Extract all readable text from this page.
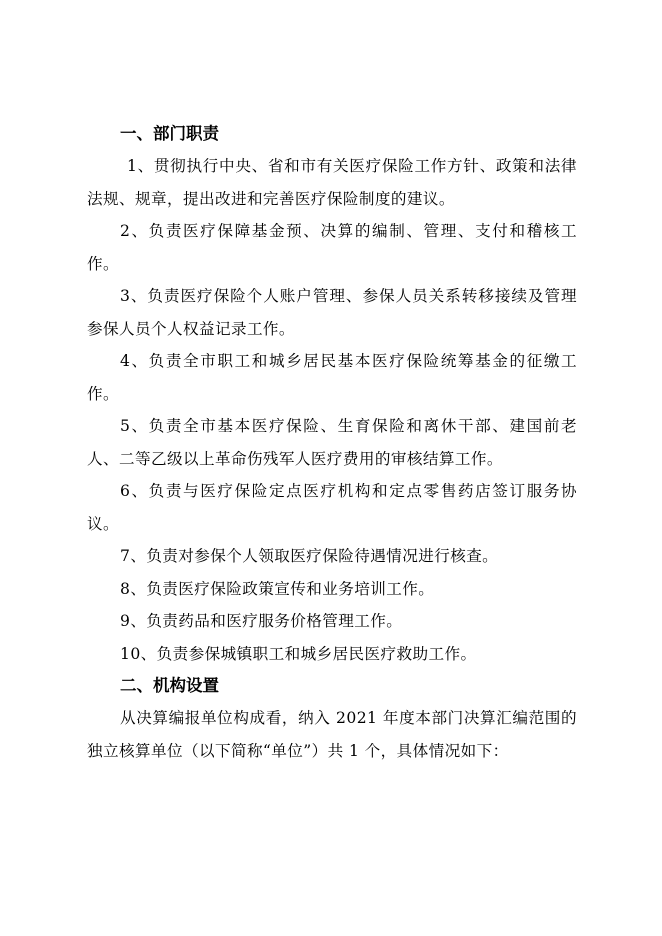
一、部门职责

1、贯彻执行中央、省和市有关医疗保险工作方针、政策和法律法规、规章，提出改进和完善医疗保险制度的建议。

2、负责医疗保障基金预、决算的编制、管理、支付和稽核工作。

3、负责医疗保险个人账户管理、参保人员关系转移接续及管理参保人员个人权益记录工作。

4、负责全市职工和城乡居民基本医疗保险统筹基金的征缴工作。

5、负责全市基本医疗保险、生育保险和离休干部、建国前老人、二等乙级以上革命伤残军人医疗费用的审核结算工作。

6、负责与医疗保险定点医疗机构和定点零售药店签订服务协议。

7、负责对参保个人领取医疗保险待遇情况进行核查。

8、负责医疗保险政策宣传和业务培训工作。

9、负责药品和医疗服务价格管理工作。

10、负责参保城镇职工和城乡居民医疗救助工作。

二、机构设置

从决算编报单位构成看，纳入 2021 年度本部门决算汇编范围的独立核算单位（以下简称“单位”）共 1 个，具体情况如下：
